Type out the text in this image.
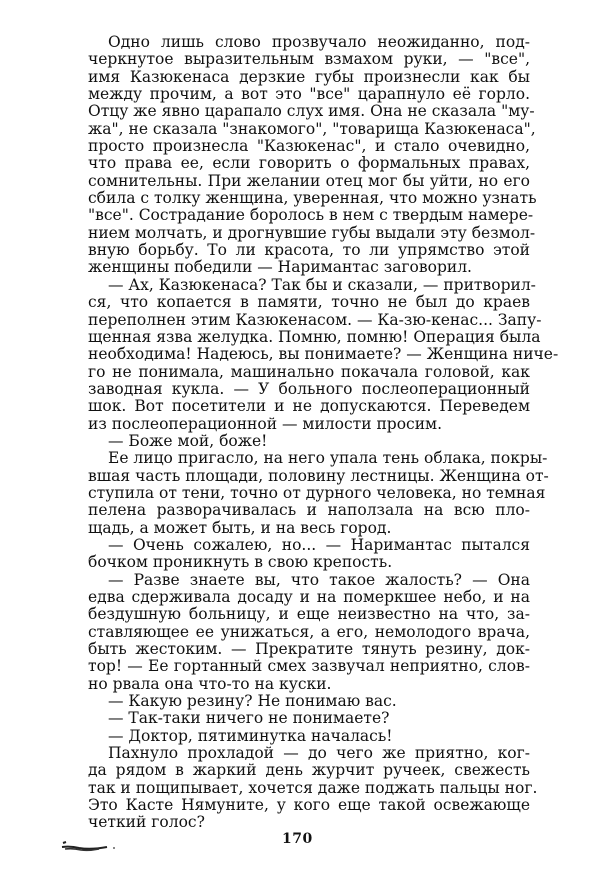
Одно лишь слово прозвучало неожиданно, под-
черкнутое выразительным взмахом руки, — "все",
имя Казюкенаса дерзкие губы произнесли как бы
между прочим, а вот это "все" царапнуло её горло.
Отцу же явно царапало слух имя. Она не сказала "му-
жа", не сказала "знакомого", "товарища Казюкенаса",
просто произнесла "Казюкенас", и стало очевидно,
что права ее, если говорить о формальных правах,
сомнительны. При желании отец мог бы уйти, но его
сбила с толку женщина, уверенная, что можно узнать
"все". Сострадание боролось в нем с твердым намере-
нием молчать, и дрогнувшие губы выдали эту безмол-
вную борьбу. То ли красота, то ли упрямство этой
женщины победили — Наримантас заговорил.
— Ах, Казюкенаса? Так бы и сказали, — притворил-
ся, что копается в памяти, точно не был до краев
переполнен этим Казюкенасом. — Ка-зю-кенас... Запу-
щенная язва желудка. Помню, помню! Операция была
необходима! Надеюсь, вы понимаете? — Женщина ниче-
го не понимала, машинально покачала головой, как
заводная кукла. — У больного послеоперационный
шок. Вот посетители и не допускаются. Переведем
из послеоперационной — милости просим.
— Боже мой, боже!
Ее лицо пригасло, на него упала тень облака, покры-
вшая часть площади, половину лестницы. Женщина от-
ступила от тени, точно от дурного человека, но темная
пелена разворачивалась и наползала на всю пло-
щадь, а может быть, и на весь город.
— Очень сожалею, но... — Наримантас пытался
бочком проникнуть в свою крепость.
— Разве знаете вы, что такое жалость? — Она
едва сдерживала досаду и на померкшее небо, и на
бездушную больницу, и еще неизвестно на что, за-
ставляющее ее унижаться, а его, немолодого врача,
быть жестоким. — Прекратите тянуть резину, док-
тор! — Ее гортанный смех зазвучал неприятно, слов-
но рвала она что-то на куски.
— Какую резину? Не понимаю вас.
— Так-таки ничего не понимаете?
— Доктор, пятиминутка началась!
Пахнуло прохладой — до чего же приятно, ког-
да рядом в жаркий день журчит ручеек, свежесть
так и пощипывает, хочется даже поджать пальцы ног.
Это Касте Нямуните, у кого еще такой освежающе
четкий голос?
170
